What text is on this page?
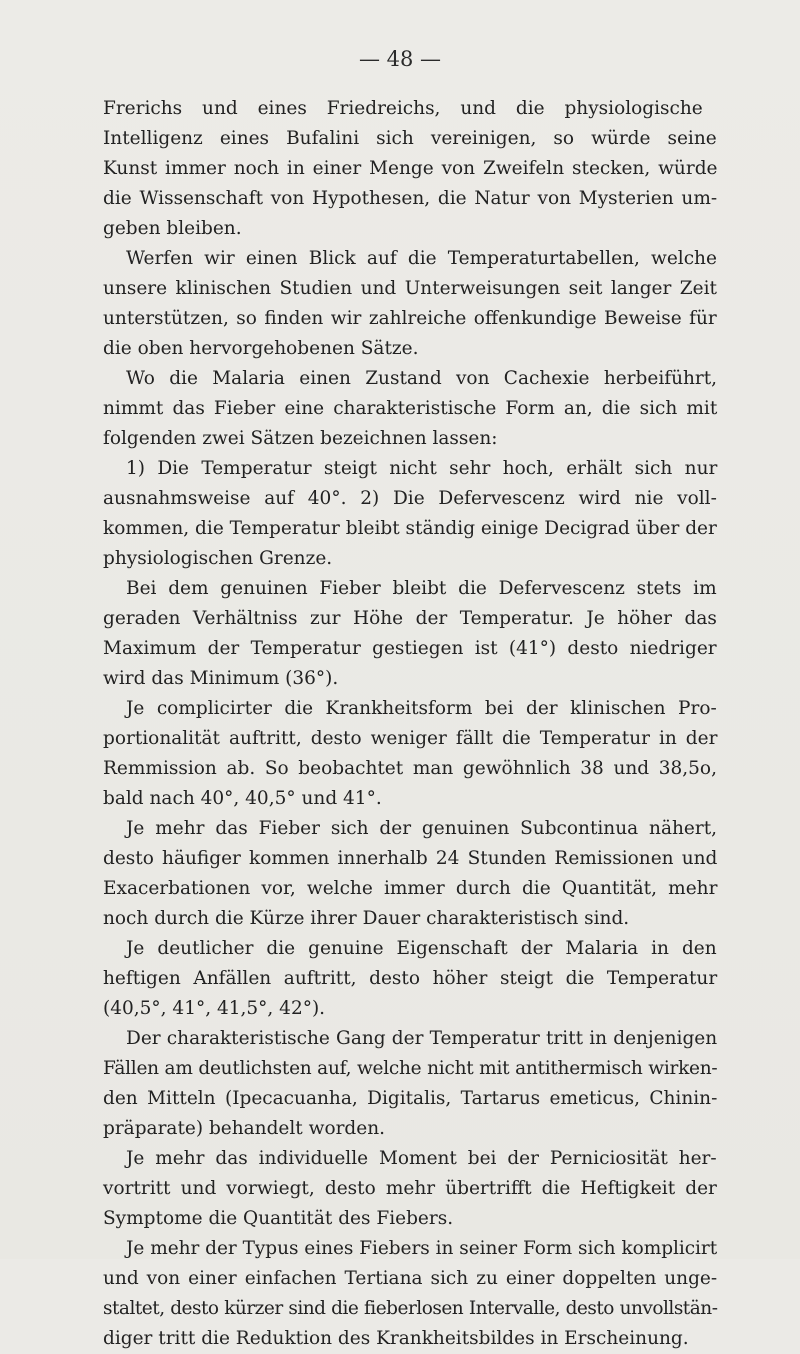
— 48 —
Frerichs und eines Friedreichs, und die physiologische
Intelligenz eines Bufalini sich vereinigen, so würde seine
Kunst immer noch in einer Menge von Zweifeln stecken, würde
die Wissenschaft von Hypothesen, die Natur von Mysterien um-
geben bleiben.
Werfen wir einen Blick auf die Temperaturtabellen, welche
unsere klinischen Studien und Unterweisungen seit langer Zeit
unterstützen, so finden wir zahlreiche offenkundige Beweise für
die oben hervorgehobenen Sätze.
Wo die Malaria einen Zustand von Cachexie herbeiführt,
nimmt das Fieber eine charakteristische Form an, die sich mit
folgenden zwei Sätzen bezeichnen lassen:
1) Die Temperatur steigt nicht sehr hoch, erhält sich nur
ausnahmsweise auf 40°. 2) Die Defervescenz wird nie voll-
kommen, die Temperatur bleibt ständig einige Decigrad über der
physiologischen Grenze.
Bei dem genuinen Fieber bleibt die Defervescenz stets im
geraden Verhältniss zur Höhe der Temperatur. Je höher das
Maximum der Temperatur gestiegen ist (41°) desto niedriger
wird das Minimum (36°).
Je complicirter die Krankheitsform bei der klinischen Pro-
portionalität auftritt, desto weniger fällt die Temperatur in der
Remmission ab. So beobachtet man gewöhnlich 38 und 38,5o,
bald nach 40°, 40,5° und 41°.
Je mehr das Fieber sich der genuinen Subcontinua nähert,
desto häufiger kommen innerhalb 24 Stunden Remissionen und
Exacerbationen vor, welche immer durch die Quantität, mehr
noch durch die Kürze ihrer Dauer charakteristisch sind.
Je deutlicher die genuine Eigenschaft der Malaria in den
heftigen Anfällen auftritt, desto höher steigt die Temperatur
(40,5°, 41°, 41,5°, 42°).
Der charakteristische Gang der Temperatur tritt in denjenigen
Fällen am deutlichsten auf, welche nicht mit antithermisch wirken-
den Mitteln (Ipecacuanha, Digitalis, Tartarus emeticus, Chinin-
präparate) behandelt worden.
Je mehr das individuelle Moment bei der Perniciosität her-
vortritt und vorwiegt, desto mehr übertrifft die Heftigkeit der
Symptome die Quantität des Fiebers.
Je mehr der Typus eines Fiebers in seiner Form sich komplicirt
und von einer einfachen Tertiana sich zu einer doppelten unge-
staltet, desto kürzer sind die fieberlosen Intervalle, desto unvollstän-
diger tritt die Reduktion des Krankheitsbildes in Erscheinung.
